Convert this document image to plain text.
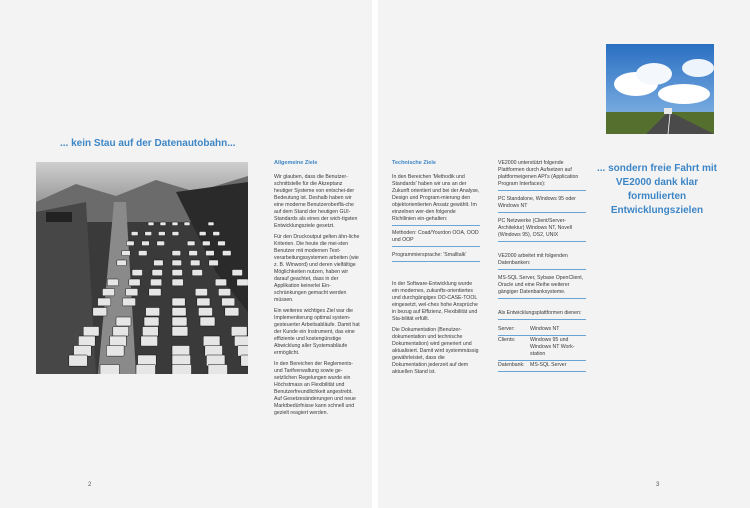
... kein Stau auf der Datenautobahn...
Allgemeine Ziele

Wir glauben, dass die Benutzer-schnittstelle für die Akzeptanz heutiger Systeme von entschei-der Bedeutung ist. Deshalb haben wir eine moderne Benutzeroberflä-che auf dem Stand der heutigen GUI-Standards als eines der wich-tigsten Entwicklungsziele gesetzt.

Für den Druckoutput gelten ähn-liche Kriterien. Die heute die mei-sten Benutzer mit modernen Text-verarbeitungssystemen arbeiten (wie z. B. Winword) und deren vielfältige Möglichkeiten nutzen, haben wir darauf geachtet, dass in der Applikation keinerlei Ein-schränkungen gemacht werden müssen.

Ein weiteres wichtiges Ziel war die Implementierung optimal system-gesteuerter Arbeitsabläufe. Damit hat der Kunde ein Instrument, das eine effiziente und kostengünstige Abwicklung aller Systemabläufe ermöglicht.

In den Bereichen der Reglements- und Tarifverwaltung sowie ge-setzlichen Regelungen wurde ein Höchstmass an Flexibilität und Benutzerfreundlichkeit angestrebt. Auf Gesetzesänderungen und neue Marktbedürfnisse kann schnell und gezielt reagiert werden.

2
Technische Ziele

In den Bereichen 'Methodik und Standards' haben wir uns an der Zukunft orientiert und bei der Analyse, Design und Program-mierung den objektorientierten Ansatz gewählt. Im einzelnen wer-den folgende Richtlinien ein-gehalten:

Methoden: Coad/Yourdon OOA, OOD und OOP
Programmiersprache: 'Smalltalk'

In der Software-Entwicklung wurde ein modernes, zukunfts-orientiertes und durchgängiges OO-CASE-TOOL eingesetzt, wel-ches hohe Ansprüche in bezug auf Effizienz, Flexibilität und Sta-bilität erfüllt.

Die Dokumentation (Benutzer-dokumentation und technische Dokumentation) wird generiert und aktualisiert. Damit wird systemmässig gewährleistet, dass die Dokumentation jederzeit auf dem aktuellen Stand ist.

VE2000 unterstützt folgende Plattformen durch Aufsetzen auf plattformeigenen API's (Application Program Interfaces):
PC Standalone, Windows 95 oder Windows NT
PC Netzwerke (Client/Server-Architektur) Windows NT, Novell (Windows 95), OS2, UNIX
VE2000 arbeitet mit folgenden Datenbanken:
MS-SQL Server, Sybase OpenClient, Oracle und eine Reihe weiterer gängiger Datenbanksysteme.
Als Entwicklungsplattformen dienen:
Server:	Windows NT
Clients:	Windows 95 und Windows NT Work-station
Datenbank:	MS-SQL Server
... sondern freie Fahrt mit VE2000 dank klar formulierten Entwicklungszielen
3
